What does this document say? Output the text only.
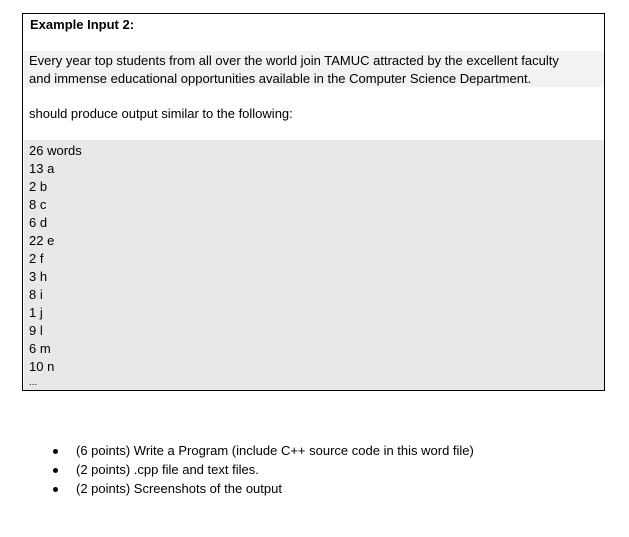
Example Input 2:
Every year top students from all over the world join TAMUC attracted by the excellent faculty
and immense educational opportunities available in the Computer Science Department.
should produce output similar to the following:
26 words
13 a
2 b
8 c
6 d
22 e
2 f
3 h
8 i
1 j
9 l
6 m
10 n
...
(6 points) Write a Program (include C++ source code in this word file)
(2 points) .cpp file and text files.
(2 points) Screenshots of the output
